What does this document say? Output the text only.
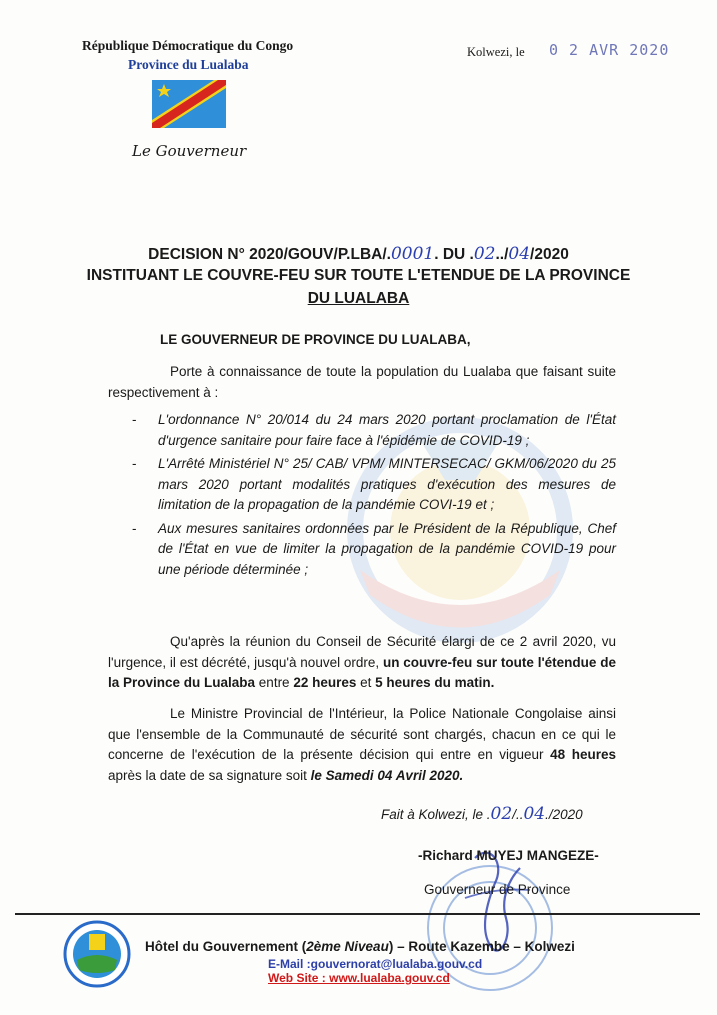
République Démocratique du Congo
Province du Lualaba
Le Gouverneur
Kolwezi, le 0 2 AVR 2020
DECISION N° 2020/GOUV/P.LBA/.0001. DU .02../04/2020
INSTITUANT LE COUVRE-FEU SUR TOUTE L'ETENDUE DE LA PROVINCE
DU LUALABA
LE GOUVERNEUR DE PROVINCE DU LUALABA,
Porte à connaissance de toute la population du Lualaba que faisant suite respectivement à :
- L'ordonnance N° 20/014 du 24 mars 2020 portant proclamation de l'État d'urgence sanitaire pour faire face à l'épidémie de COVID-19 ;
- L'Arrêté Ministériel N° 25/ CAB/ VPM/ MINTERSECAC/ GKM/06/2020 du 25 mars 2020 portant modalités pratiques d'exécution des mesures de limitation de la propagation de la pandémie COVI-19 et ;
- Aux mesures sanitaires ordonnées par le Président de la République, Chef de l'État en vue de limiter la propagation de la pandémie COVID-19 pour une période déterminée ;
Qu'après la réunion du Conseil de Sécurité élargi de ce 2 avril 2020, vu l'urgence, il est décrété, jusqu'à nouvel ordre, un couvre-feu sur toute l'étendue de la Province du Lualaba entre 22 heures et 5 heures du matin.
Le Ministre Provincial de l'Intérieur, la Police Nationale Congolaise ainsi que l'ensemble de la Communauté de sécurité sont chargés, chacun en ce qui le concerne de l'exécution de la présente décision qui entre en vigueur 48 heures après la date de sa signature soit le Samedi 04 Avril 2020.
Fait à Kolwezi, le .02/..04./2020
-Richard MUYEJ MANGEZE-
Gouverneur de Province
Hôtel du Gouvernement (2ème Niveau) – Route Kazembe – Kolwezi
E-Mail :gouvernorat@lualaba.gouv.cd
Web Site : www.lualaba.gouv.cd
